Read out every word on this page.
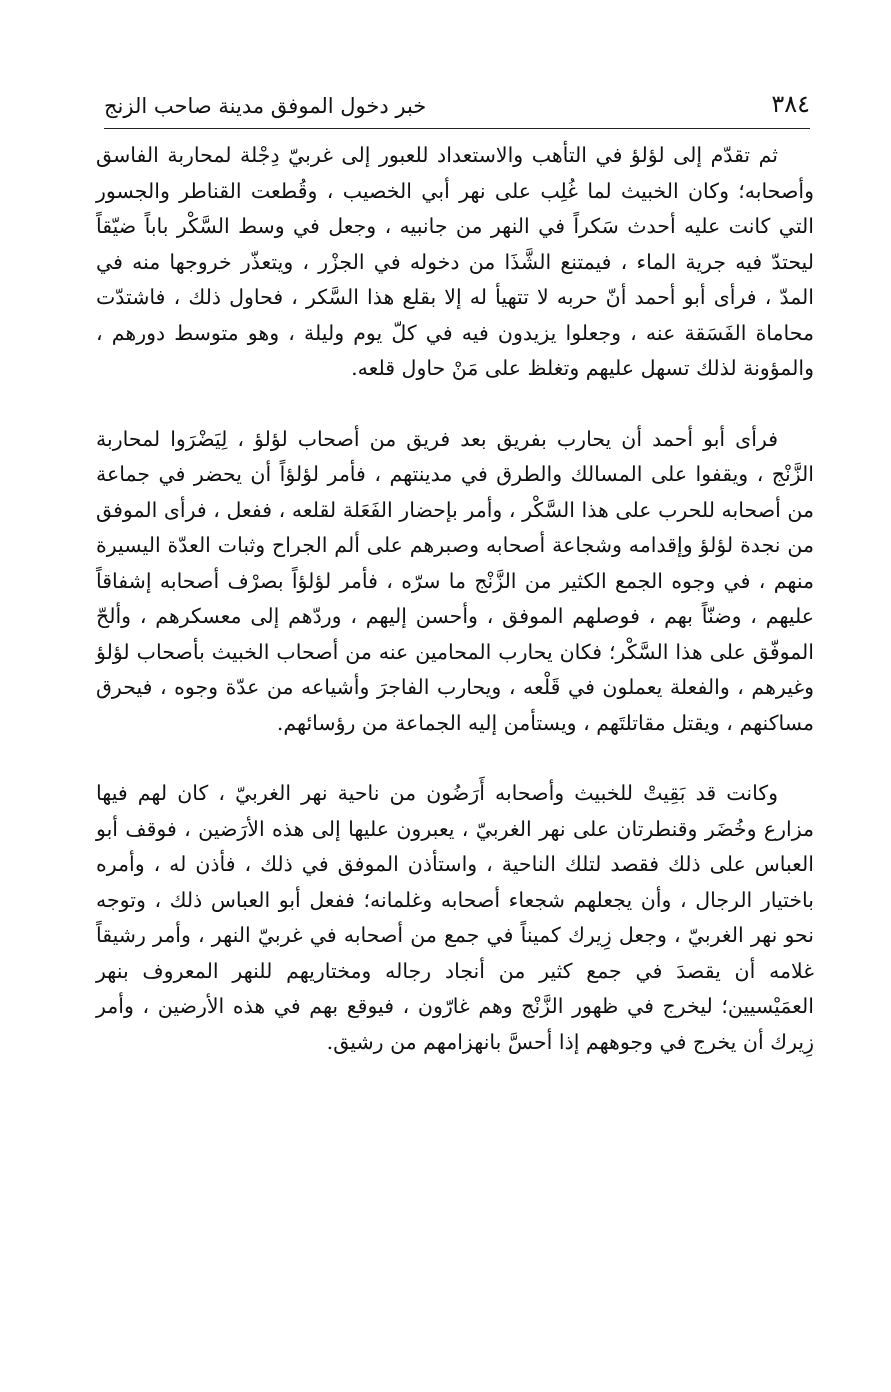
٣٨٤
خبر دخول الموفق مدينة صاحب الزنج

ثم تقدّم إلى لؤلؤ في التأهب والاستعداد للعبور إلى غربيّ دِجْلة لمحاربة الفاسق وأصحابه؛ وكان الخبيث لما غُلِب على نهر أبي الخصيب ، وقُطعت القناطر والجسور التي كانت عليه أحدث سَكراً في النهر من جانبيه ، وجعل في وسط السَّكْر باباً ضيّقاً ليحتدّ فيه جرية الماء ، فيمتنع الشَّذَا من دخوله في الجزْر ، ويتعذّر خروجها منه في المدّ ، فرأى أبو أحمد أنّ حربه لا تتهيأ له إلا بقلع هذا السَّكر ، فحاول ذلك ، فاشتدّت محاماة الفَسَقة عنه ، وجعلوا يزيدون فيه في كلّ يوم وليلة ، وهو متوسط دورهم ، والمؤونة لذلك تسهل عليهم وتغلظ على مَنْ حاول قلعه.

فرأى أبو أحمد أن يحارب بفريق بعد فريق من أصحاب لؤلؤ ، لِيَضْرَوا لمحاربة الزَّنْج ، ويقفوا على المسالك والطرق في مدينتهم ، فأمر لؤلؤاً أن يحضر في جماعة من أصحابه للحرب على هذا السَّكْر ، وأمر بإحضار الفَعَلة لقلعه ، ففعل ، فرأى الموفق من نجدة لؤلؤ وإقدامه وشجاعة أصحابه وصبرهم على ألم الجراح وثبات العدّة اليسيرة منهم ، في وجوه الجمع الكثير من الزَّنْج ما سرّه ، فأمر لؤلؤاً بصرْف أصحابه إشفاقاً عليهم ، وضنّاً بهم ، فوصلهم الموفق ، وأحسن إليهم ، وردّهم إلى معسكرهم ، وألحّ الموفّق على هذا السَّكْر؛ فكان يحارب المحامين عنه من أصحاب الخبيث بأصحاب لؤلؤ وغيرهم ، والفعلة يعملون في قَلْعه ، ويحارب الفاجرَ وأشياعه من عدّة وجوه ، فيحرق مساكنهم ، ويقتل مقاتلتَهم ، ويستأمن إليه الجماعة من رؤسائهم.

وكانت قد بَقِيتْ للخبيث وأصحابه أَرَضُون من ناحية نهر الغربيّ ، كان لهم فيها مزارع وخُضَر وقنطرتان على نهر الغربيّ ، يعبرون عليها إلى هذه الأرَضين ، فوقف أبو العباس على ذلك فقصد لتلك الناحية ، واستأذن الموفق في ذلك ، فأذن له ، وأمره باختيار الرجال ، وأن يجعلهم شجعاء أصحابه وغلمانه؛ ففعل أبو العباس ذلك ، وتوجه نحو نهر الغربيّ ، وجعل زِيرك كميناً في جمع من أصحابه في غربيّ النهر ، وأمر رشيقاً غلامه أن يقصدَ في جمع كثير من أنجاد رجاله ومختاريهم للنهر المعروف بنهر العمَيْسيين؛ ليخرج في ظهور الزَّنْج وهم غارّون ، فيوقع بهم في هذه الأرضين ، وأمر زِيرك أن يخرج في وجوههم إذا أحسَّ بانهزامهم من رشيق.
